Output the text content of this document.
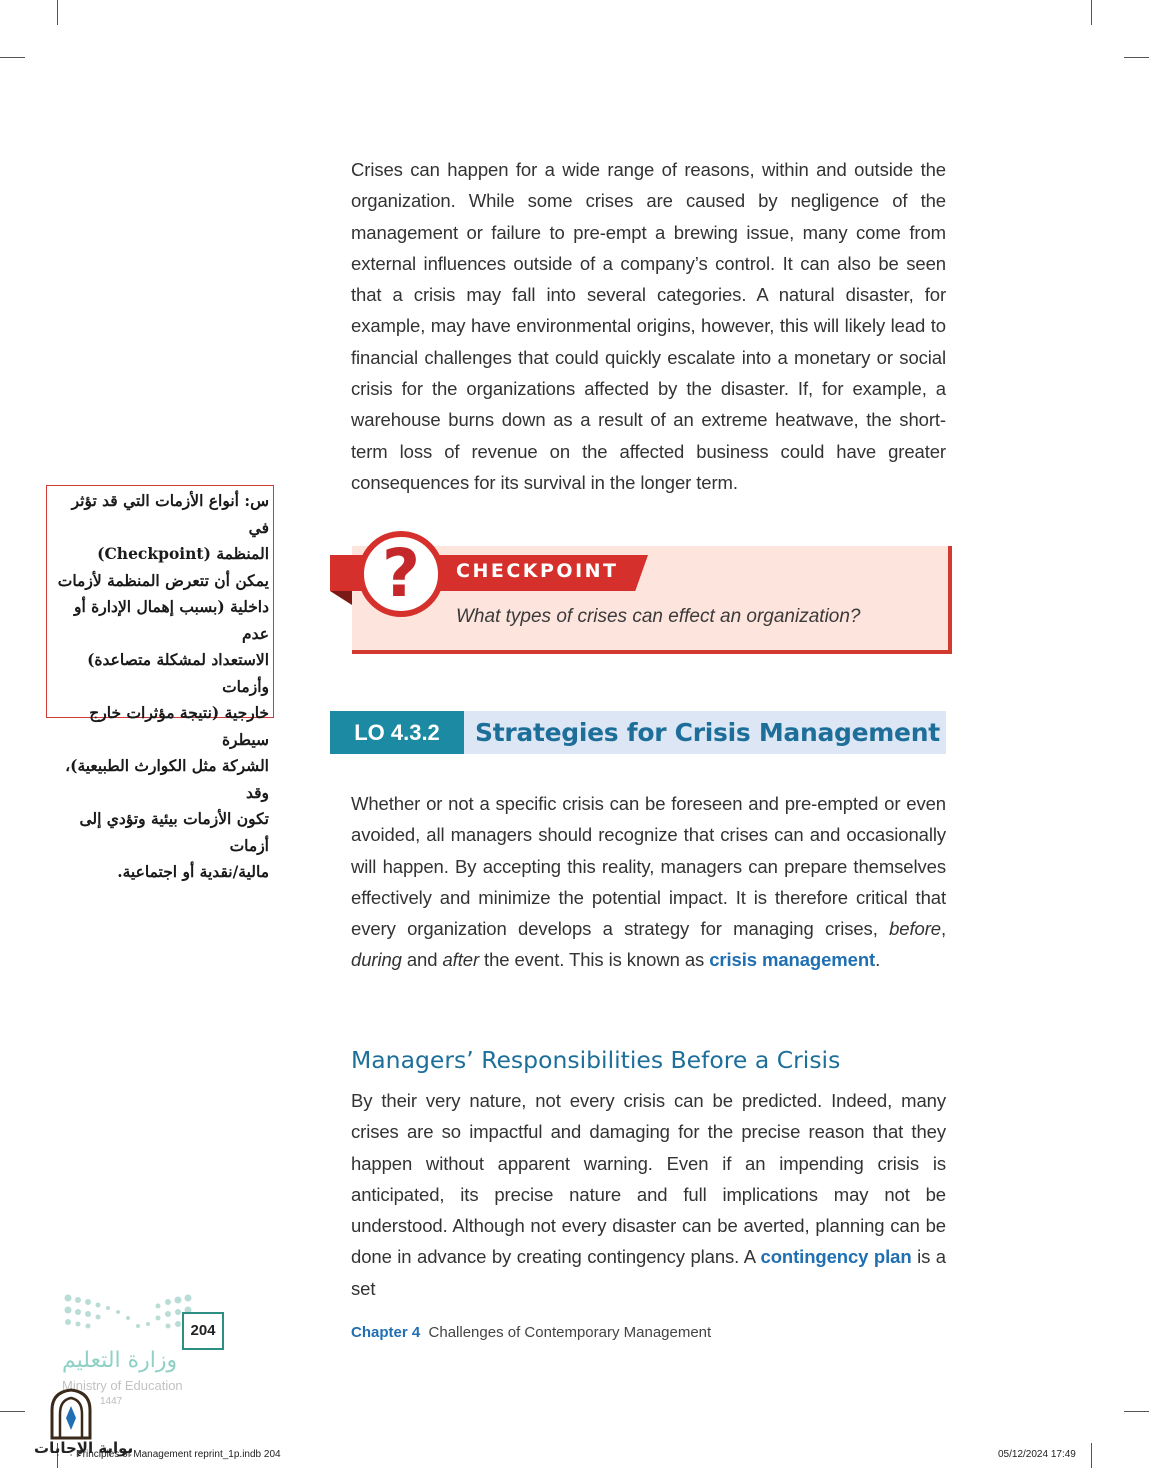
Crises can happen for a wide range of reasons, within and outside the organization. While some crises are caused by negligence of the management or failure to pre-empt a brewing issue, many come from external influences outside of a company’s control. It can also be seen that a crisis may fall into several categories. A natural disaster, for example, may have environmental origins, however, this will likely lead to financial challenges that could quickly escalate into a monetary or social crisis for the organizations affected by the disaster. If, for example, a warehouse burns down as a result of an extreme heatwave, the short-term loss of revenue on the affected business could have greater consequences for its survival in the longer term.
س: أنواع الأزمات التي قد تؤثر في
المنظمة (Checkpoint)
يمكن أن تتعرض المنظمة لأزمات
داخلية (بسبب إهمال الإدارة أو عدم
الاستعداد لمشكلة متصاعدة) وأزمات
خارجية (نتيجة مؤثرات خارج سيطرة
الشركة مثل الكوارث الطبيعية)، وقد
تكون الأزمات بيئية وتؤدي إلى أزمات
مالية/نقدية أو اجتماعية.
CHECKPOINT
?
What types of crises can effect an organization?
LO 4.3.2	Strategies for Crisis Management
Whether or not a specific crisis can be foreseen and pre-empted or even avoided, all managers should recognize that crises can and occasionally will happen. By accepting this reality, managers can prepare themselves effectively and minimize the potential impact. It is therefore critical that every organization develops a strategy for managing crises, before, during and after the event. This is known as crisis management.
Managers’ Responsibilities Before a Crisis
By their very nature, not every crisis can be predicted. Indeed, many crises are so impactful and damaging for the precise reason that they happen without apparent warning. Even if an impending crisis is anticipated, its precise nature and full implications may not be understood. Although not every disaster can be averted, planning can be done in advance by creating contingency plans. A contingency plan is a set
204
وزارة التعليم
Ministry of Education
1447
Chapter 4 Challenges of Contemporary Management
بوابة الإجابات
Principles of Management reprint_1p.indb 204	05/12/2024 17:49
